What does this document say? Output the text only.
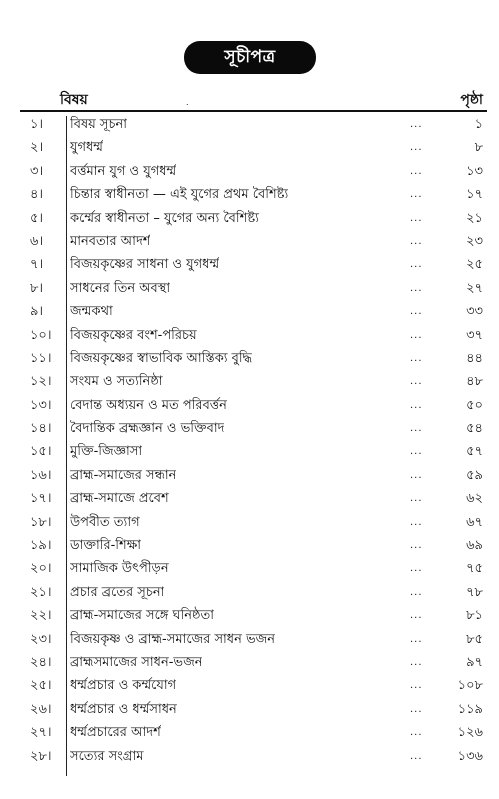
সূচীপত্র
বিষয়	.	পৃষ্ঠা
১। বিষয় সূচনা	...	১
২। যুগধর্ম্ম	...	৮
৩। বর্ত্তমান যুগ ও যুগধর্ম্ম	...	১৩
৪। চিন্তার স্বাধীনতা — এই যুগের প্রথম বৈশিষ্ট্য	...	১৭
৫। কর্ম্মের স্বাধীনতা – যুগের অন্য বৈশিষ্ট্য	...	২১
৬। মানবতার আদর্শ	...	২৩
৭। বিজয়কৃষ্ণের সাধনা ও যুগধর্ম্ম	...	২৫
৮। সাধনের তিন অবস্থা	...	২৭
৯। জন্মকথা	...	৩৩
১০। বিজয়কৃষ্ণের বংশ-পরিচয়	...	৩৭
১১। বিজয়কৃষ্ণের স্বাভাবিক আস্তিক্য বুদ্ধি	...	৪৪
১২। সংযম ও সত্যনিষ্ঠা	...	৪৮
১৩। বেদান্ত অধ্যয়ন ও মত পরিবর্ত্তন	...	৫০
১৪। বৈদান্তিক ব্রহ্মজ্ঞান ও ভক্তিবাদ	...	৫৪
১৫। মুক্তি-জিজ্ঞাসা	...	৫৭
১৬। ব্রাহ্ম-সমাজের সন্ধান	...	৫৯
১৭। ব্রাহ্ম-সমাজে প্রবেশ	...	৬২
১৮। উপবীত ত্যাগ	...	৬৭
১৯। ডাক্তারি-শিক্ষা	...	৬৯
২০। সামাজিক উৎপীড়ন	...	৭৫
২১। প্রচার ব্রতের সূচনা	...	৭৮
২২। ব্রাহ্ম-সমাজের সঙ্গে ঘনিষ্ঠতা	...	৮১
২৩। বিজয়কৃষ্ণ ও ব্রাহ্ম-সমাজের সাধন ভজন	...	৮৫
২৪। ব্রাহ্মসমাজের সাধন-ভজন	...	৯৭
২৫। ধর্ম্মপ্রচার ও কর্ম্মযোগ	...	১০৮
২৬। ধর্ম্মপ্রচার ও ধর্ম্মসাধন	...	১১৯
২৭। ধর্ম্মপ্রচারের আদর্শ	...	১২৬
২৮। সত্যের সংগ্রাম	...	১৩৬
